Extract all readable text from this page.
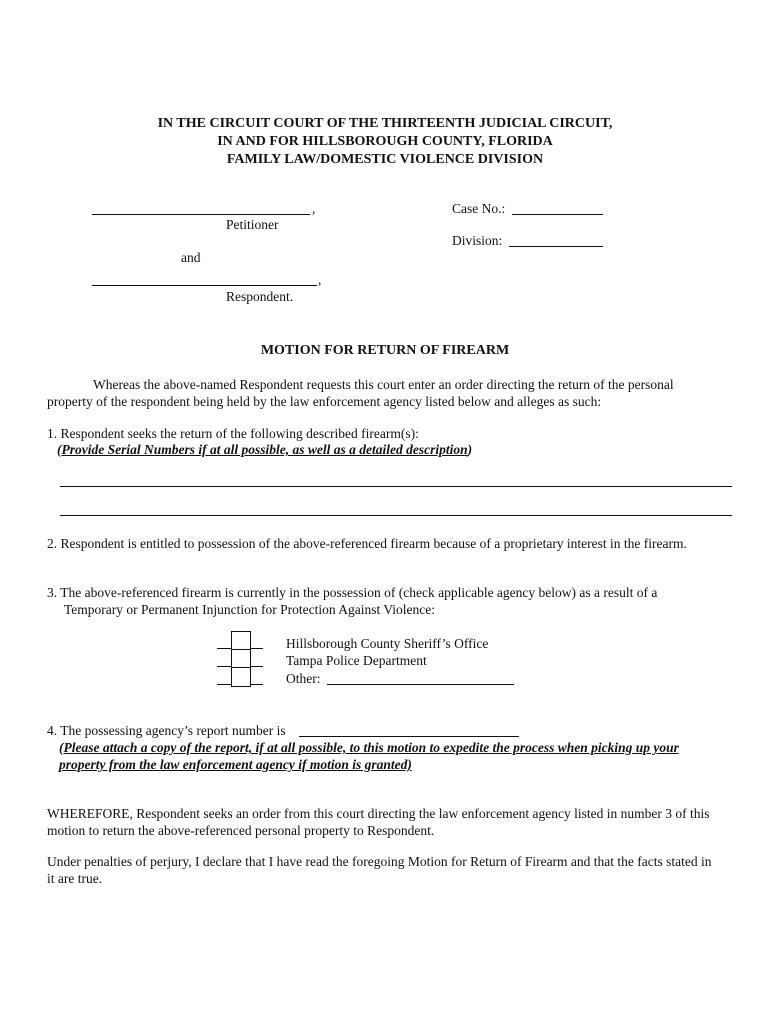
IN THE CIRCUIT COURT OF THE THIRTEENTH JUDICIAL CIRCUIT,
IN AND FOR HILLSBOROUGH COUNTY, FLORIDA
FAMILY LAW/DOMESTIC VIOLENCE DIVISION
,
Petitioner
and
,
Respondent.
Case No.:
Division:
MOTION FOR RETURN OF FIREARM
Whereas the above-named Respondent requests this court enter an order directing the return of the personal
property of the respondent being held by the law enforcement agency listed below and alleges as such:
1. Respondent seeks the return of the following described firearm(s):
(Provide Serial Numbers if at all possible, as well as a detailed description)
2. Respondent is entitled to possession of the above-referenced firearm because of a proprietary interest in the firearm.
3. The above-referenced firearm is currently in the possession of (check applicable agency below) as a result of a
Temporary or Permanent Injunction for Protection Against Violence:
Hillsborough County Sheriff’s Office
Tampa Police Department
Other:
4. The possessing agency’s report number is
(Please attach a copy of the report, if at all possible, to this motion to expedite the process when picking up your
property from the law enforcement agency if motion is granted)
WHEREFORE, Respondent seeks an order from this court directing the law enforcement agency listed in number 3 of this
motion to return the above-referenced personal property to Respondent.
Under penalties of perjury, I declare that I have read the foregoing Motion for Return of Firearm and that the facts stated in
it are true.
